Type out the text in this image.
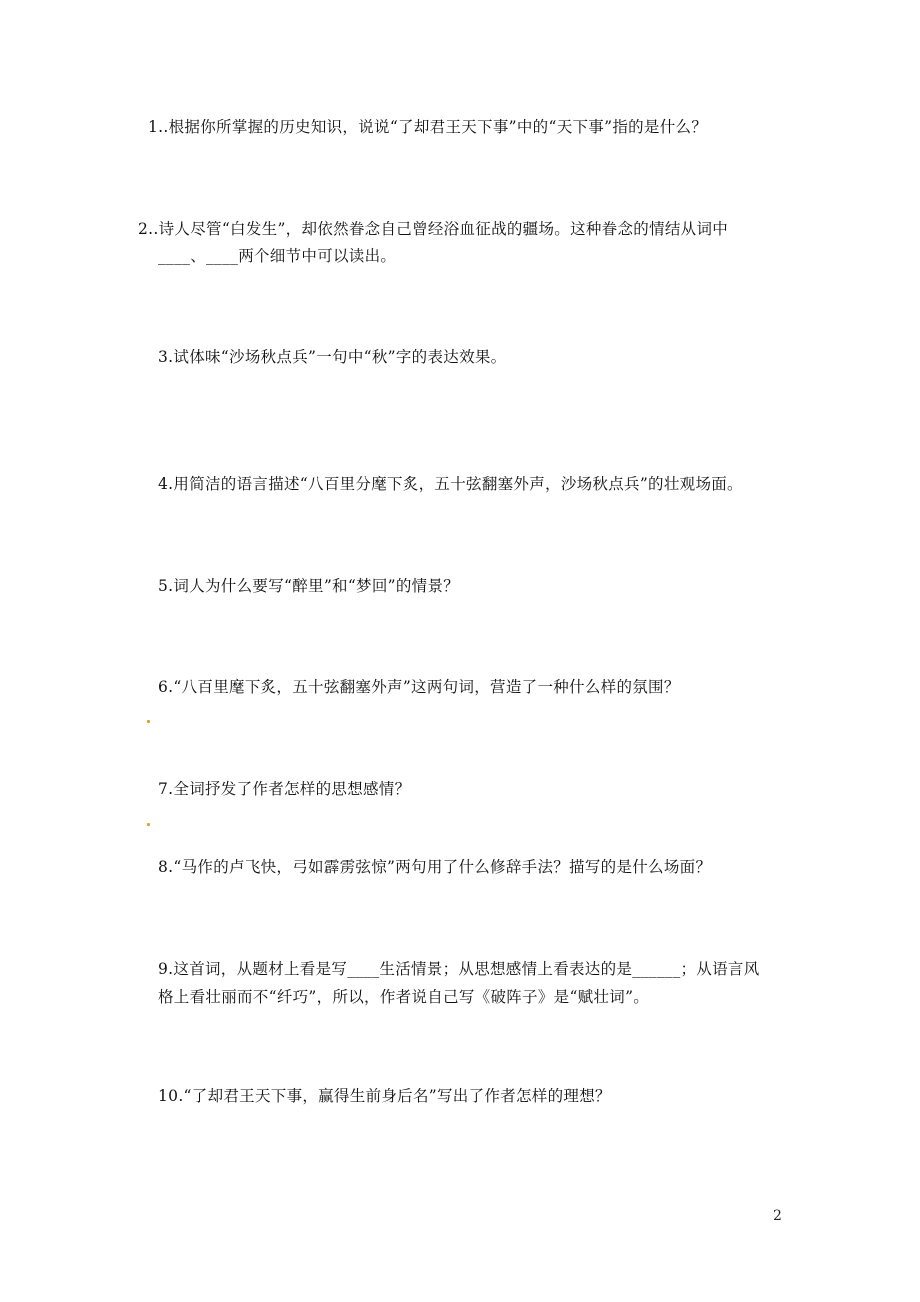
1..根据你所掌握的历史知识，说说“了却君王天下事”中的“天下事”指的是什么？
2..诗人尽管“白发生”，却依然眷念自己曾经浴血征战的疆场。这种眷念的情结从词中
____、____两个细节中可以读出。
3.试体味“沙场秋点兵”一句中“秋”字的表达效果。
4.用简洁的语言描述“八百里分麾下炙，五十弦翻塞外声，沙场秋点兵”的壮观场面。
5.词人为什么要写“醉里”和“梦回”的情景？
6.“八百里麾下炙，五十弦翻塞外声”这两句词，营造了一种什么样的氛围？
7.全词抒发了作者怎样的思想感情？
8.“马作的卢飞快，弓如霹雳弦惊”两句用了什么修辞手法？描写的是什么场面？
9.这首词，从题材上看是写____生活情景；从思想感情上看表达的是______；从语言风
格上看壮丽而不“纤巧”，所以，作者说自己写《破阵子》是“赋壮词”。
10.“了却君王天下事，赢得生前身后名”写出了作者怎样的理想？
2
